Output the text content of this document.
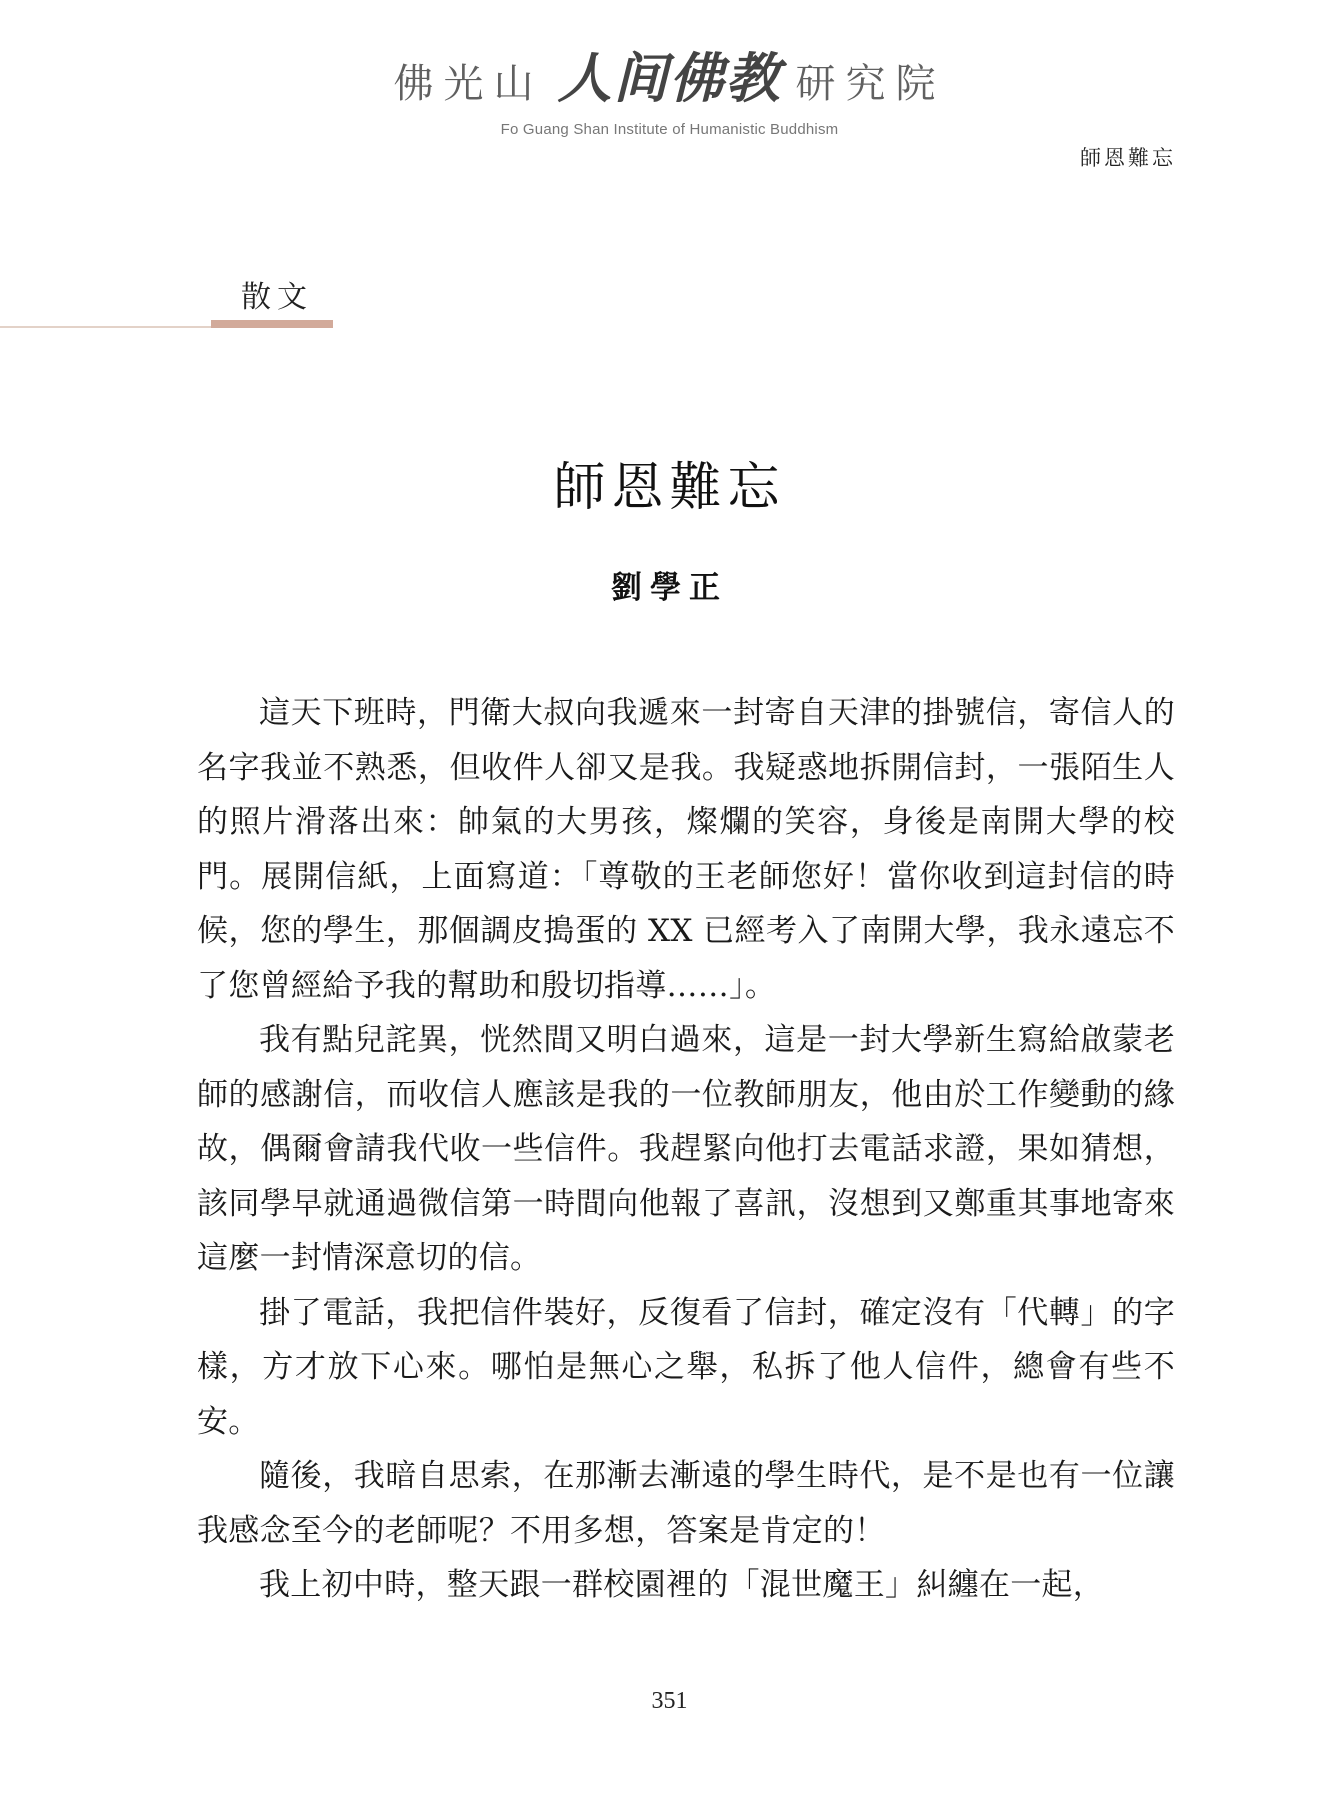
佛光山 人间佛教 研究院
Fo Guang Shan Institute of Humanistic Buddhism
師恩難忘
散文
師恩難忘
劉學正

這天下班時，門衛大叔向我遞來一封寄自天津的掛號信，寄信人的名字我並不熟悉，但收件人卻又是我。我疑惑地拆開信封，一張陌生人的照片滑落出來：帥氣的大男孩，燦爛的笑容，身後是南開大學的校門。展開信紙，上面寫道：「尊敬的王老師您好！當你收到這封信的時候，您的學生，那個調皮搗蛋的 XX 已經考入了南開大學，我永遠忘不了您曾經給予我的幫助和殷切指導……」。

我有點兒詫異，恍然間又明白過來，這是一封大學新生寫給啟蒙老師的感謝信，而收信人應該是我的一位教師朋友，他由於工作變動的緣故，偶爾會請我代收一些信件。我趕緊向他打去電話求證，果如猜想，該同學早就通過微信第一時間向他報了喜訊，沒想到又鄭重其事地寄來這麼一封情深意切的信。

掛了電話，我把信件裝好，反復看了信封，確定沒有「代轉」的字樣，方才放下心來。哪怕是無心之舉，私拆了他人信件，總會有些不安。

隨後，我暗自思索，在那漸去漸遠的學生時代，是不是也有一位讓我感念至今的老師呢？不用多想，答案是肯定的！

我上初中時，整天跟一群校園裡的「混世魔王」糾纏在一起，

351
